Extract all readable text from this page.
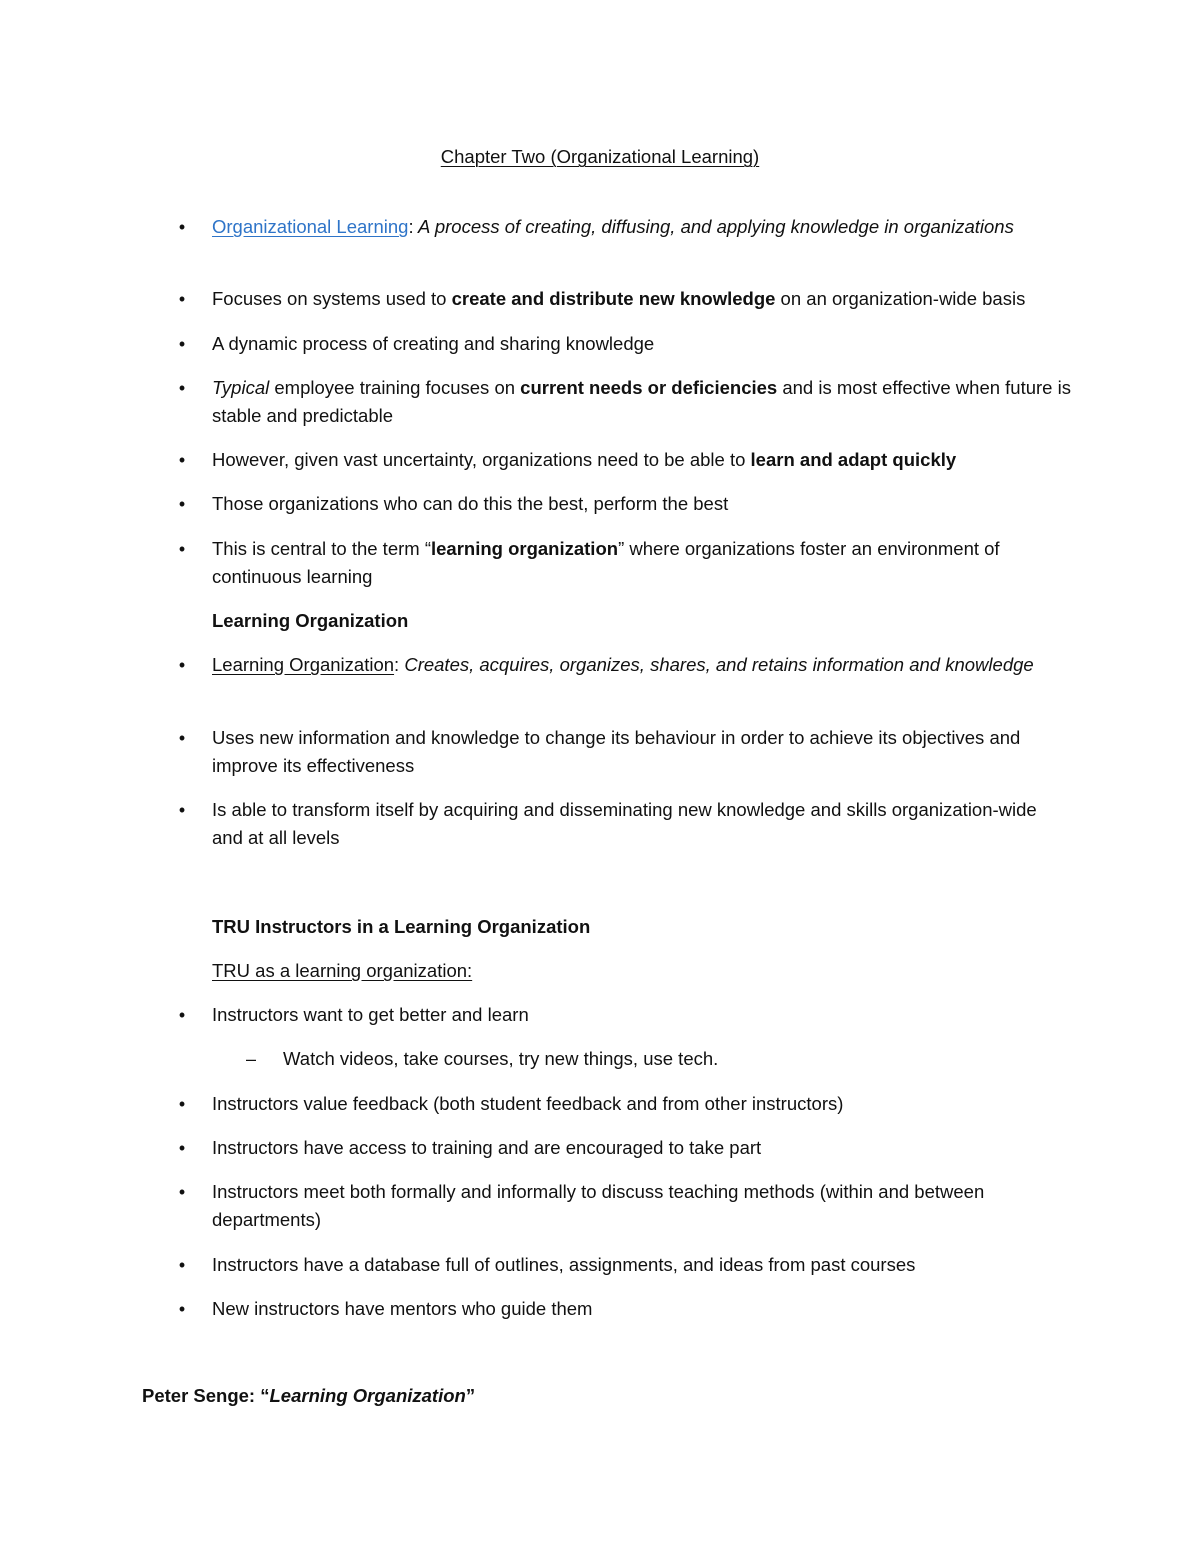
Chapter Two (Organizational Learning)
• Organizational Learning: A process of creating, diffusing, and applying knowledge in organizations
• Focuses on systems used to create and distribute new knowledge on an organization-wide basis
• A dynamic process of creating and sharing knowledge
• Typical employee training focuses on current needs or deficiencies and is most effective when future is stable and predictable
• However, given vast uncertainty, organizations need to be able to learn and adapt quickly
• Those organizations who can do this the best, perform the best
• This is central to the term “learning organization” where organizations foster an environment of continuous learning
Learning Organization
• Learning Organization: Creates, acquires, organizes, shares, and retains information and knowledge
• Uses new information and knowledge to change its behaviour in order to achieve its objectives and improve its effectiveness
• Is able to transform itself by acquiring and disseminating new knowledge and skills organization-wide and at all levels
TRU Instructors in a Learning Organization
TRU as a learning organization:
• Instructors want to get better and learn
–	Watch videos, take courses, try new things, use tech.
• Instructors value feedback (both student feedback and from other instructors)
• Instructors have access to training and are encouraged to take part
• Instructors meet both formally and informally to discuss teaching methods (within and between departments)
• Instructors have a database full of outlines, assignments, and ideas from past courses
• New instructors have mentors who guide them
Peter Senge: “Learning Organization”
